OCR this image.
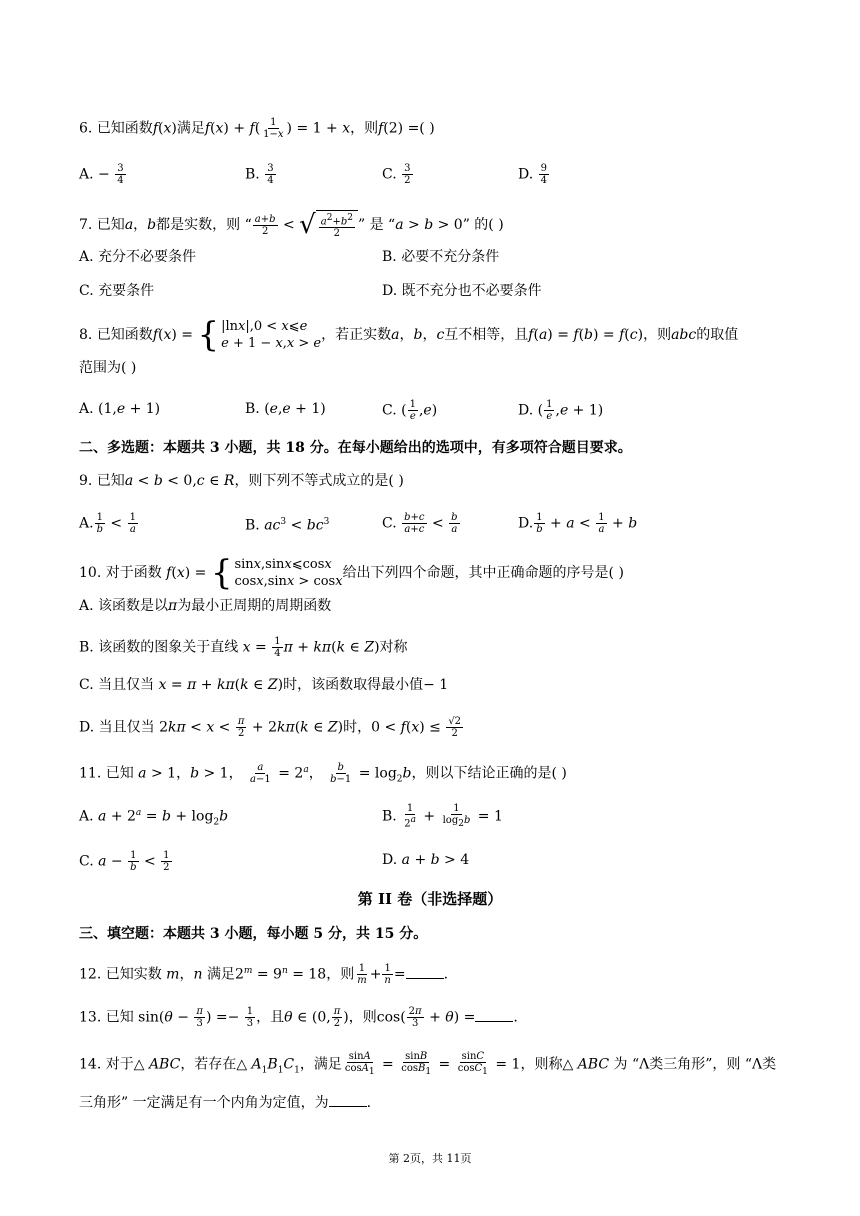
6. 已知函数f(x)满足$f(x) + f( \frac{1}{1-x}$ ) = 1 + x，则f(2) =( )
A. − $\frac{3}{4}$	B. $\frac{3}{4}$	C. $\frac{3}{2}$	D. $\frac{9}{4}$
7. 已知a，b都是实数，则 “ $\frac{a+b}{2}$ < √ $\frac{a^2+b^2}{2}$ ” 是 “a > b > 0” 的( )
A. 充分不必要条件	B. 必要不充分条件
C. 充要条件	D. 既不充分也不必要条件
8. 已知函数f(x) = { |lnx|,0 < x⩽e
e + 1 − x,x > e
，若正实数a，b，c互不相等，且f(a) = f(b) = f(c)，则abc的取值
范围为( )
A. (1,e + 1)	B. (e,e + 1)	C. ( $\frac{1}{e} ,e$)	D. ( $\frac{1}{e} ,e + 1$)
二、多选题：本题共 3 小题，共 18 分。在每小题给出的选项中，有多项符合题目要求。
9. 已知a < b < 0,c ∈ R，则下列不等式成立的是( )
A. $\frac{1}{b} < \frac{1}{a}$	B. $ac^3 < bc^3$	C. $\frac{b+c}{a+c} < \frac{b}{a}$	D. $\frac{1}{b} + a < \frac{1}{a} + b$
10. 对于函数 f(x) = { sinx,sinx⩽cosx
cosx,sinx > cosx
给出下列四个命题，其中正确命题的序号是( )
A. 该函数是以π为最小正周期的周期函数
B. 该函数的图象关于直线 $x = \frac{1}{4}$ π + kπ(k ∈ Z)对称
C. 当且仅当 x = π + kπ(k ∈ Z)时，该函数取得最小值− 1
D. 当且仅当 $2k\pi < x < \frac{\pi}{2} + 2k\pi(k$ ∈ Z)时，$0 < f(x) \le \frac{√2}{2}$
11. 已知 a > 1，b > 1， $\frac{a}{a-1} = 2^a$， $\frac{b}{b-1} = \log_2b$，则以下结论正确的是( )
A. $a + 2^a = b + \log_2b$	B. $\frac{1}{2^a} + \frac{1}{\log_2b} = 1$
C. $a - \frac{1}{b} < \frac{1}{2}$	D. a + b > 4
第 II 卷（非选择题）
三、填空题：本题共 3 小题，每小题 5 分，共 15 分。
12. 已知实数 m，n 满足$2^m = 9^n = 18$，则 $\frac{1}{m} + \frac{1}{n}$ =	.
13. 已知 $\sin(\theta - \frac{\pi}{3}$ ) =− $\frac{1}{3}$ ，且θ ∈ (0, $\frac{\pi}{2}$ )，则$\cos( \frac{2\pi}{3} + \theta)$ =	.
14. 对于△ ABC，若存在△ $A_1B_1C_1$，满足 $\frac{\sin A}{\cos A_1} = \frac{\sin B}{\cos B_1} = \frac{\sin C}{\cos C_1} = 1$，则称△ ABC 为 “Λ类三角形”，则 “Λ类
三角形” 一定满足有一个内角为定值，为	.
第 2页，共 11页
